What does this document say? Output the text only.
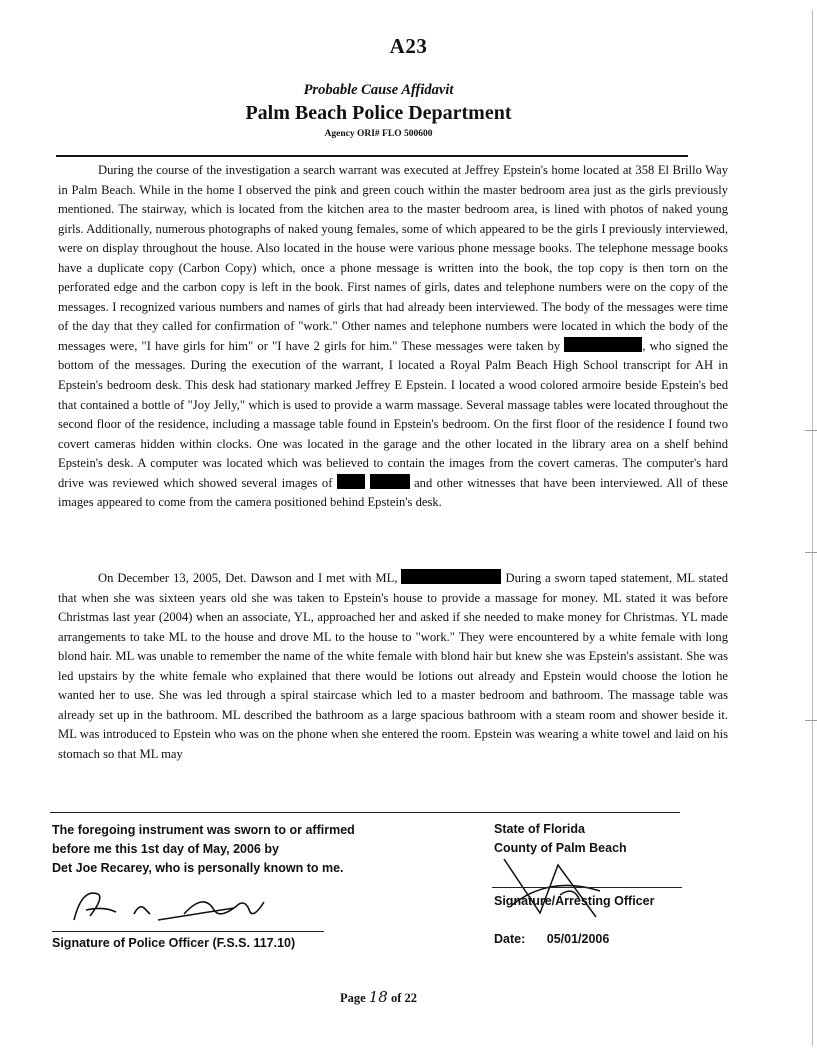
A23
Probable Cause Affidavit
Palm Beach Police Department
Agency ORI# FLO 500600

During the course of the investigation a search warrant was executed at Jeffrey Epstein's home located at 358 El Brillo Way in Palm Beach. While in the home I observed the pink and green couch within the master bedroom area just as the girls previously mentioned. The stairway, which is located from the kitchen area to the master bedroom area, is lined with photos of naked young girls. Additionally, numerous photographs of naked young females, some of which appeared to be the girls I previously interviewed, were on display throughout the house. Also located in the house were various phone message books. The telephone message books have a duplicate copy (Carbon Copy) which, once a phone message is written into the book, the top copy is then torn on the perforated edge and the carbon copy is left in the book. First names of girls, dates and telephone numbers were on the copy of the messages. I recognized various numbers and names of girls that had already been interviewed. The body of the messages were time of the day that they called for confirmation of "work." Other names and telephone numbers were located in which the body of the messages were, "I have girls for him" or "I have 2 girls for him." These messages were taken by	, who signed the bottom of the messages. During the execution of the warrant, I located a Royal Palm Beach High School transcript for AH in Epstein's bedroom desk. This desk had stationary marked Jeffrey E Epstein. I located a wood colored armoire beside Epstein's bed that contained a bottle of "Joy Jelly," which is used to provide a warm massage. Several massage tables were located throughout the second floor of the residence, including a massage table found in Epstein's bedroom. On the first floor of the residence I found two covert cameras hidden within clocks. One was located in the garage and the other located in the library area on a shelf behind Epstein's desk. A computer was located which was believed to contain the images from the covert cameras. The computer's hard drive was reviewed which showed several images of	and other witnesses that have been interviewed. All of these images appeared to come from the camera positioned behind Epstein's desk.

On December 13, 2005, Det. Dawson and I met with ML,	During a sworn taped statement, ML stated that when she was sixteen years old she was taken to Epstein's house to provide a massage for money. ML stated it was before Christmas last year (2004) when an associate, YL, approached her and asked if she needed to make money for Christmas. YL made arrangements to take ML to the house and drove ML to the house to "work." They were encountered by a white female with long blond hair. ML was unable to remember the name of the white female with blond hair but knew she was Epstein's assistant. She was led upstairs by the white female who explained that there would be lotions out already and Epstein would choose the lotion he wanted her to use. She was led through a spiral staircase which led to a master bedroom and bathroom. The massage table was already set up in the bathroom. ML described the bathroom as a large spacious bathroom with a steam room and shower beside it. ML was introduced to Epstein who was on the phone when she entered the room. Epstein was wearing a white towel and laid on his stomach so that ML may

The foregoing instrument was sworn to or affirmed
before me this 1st day of May, 2006 by
Det Joe Recarey, who is personally known to me.
State of Florida
County of Palm Beach
Signature of Police Officer (F.S.S. 117.10)
Signature/Arresting Officer
Date: 05/01/2006
Page 18 of 22
